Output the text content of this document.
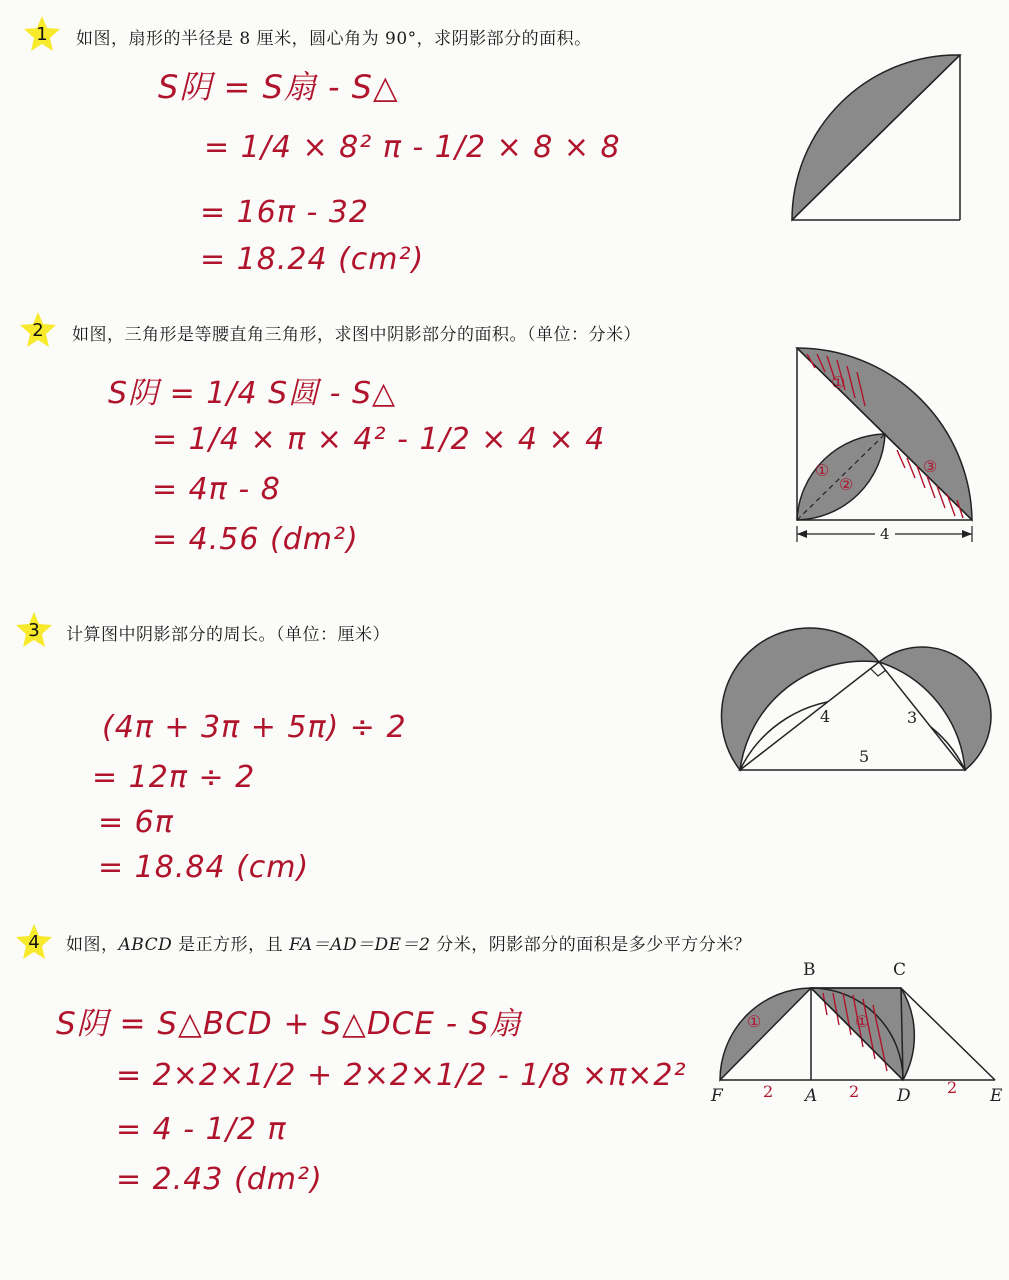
1	如图，扇形的半径是 8 厘米，圆心角为 90°，求阴影部分的面积。
S阴 = S扇 - S△
= 1/4 × 8² π - 1/2 × 8 × 8
= 16π - 32
= 18.24 (cm²)
2	如图，三角形是等腰直角三角形，求图中阴影部分的面积。（单位：分米）
S阴 = 1/4 S圆 - S△
= 1/4 × π × 4² - 1/2 × 4 × 4
= 4π - 8
= 4.56 (dm²)
①
①
②
③
4
3	计算图中阴影部分的周长。（单位：厘米）
(4π + 3π + 5π) ÷ 2
= 12π ÷ 2
= 6π
= 18.84 (cm)
4	3
5
4	如图，ABCD 是正方形，且 FA＝AD＝DE＝2 分米，阴影部分的面积是多少平方分米？
S阴 = S△BCD + S△DCE - S扇
= 2×2×1/2 + 2×2×1/2 - 1/8 ×π×2²
= 4 - 1/2 π
= 2.43 (dm²)
B	C
F	A	D	E
2	2	2
①	①
